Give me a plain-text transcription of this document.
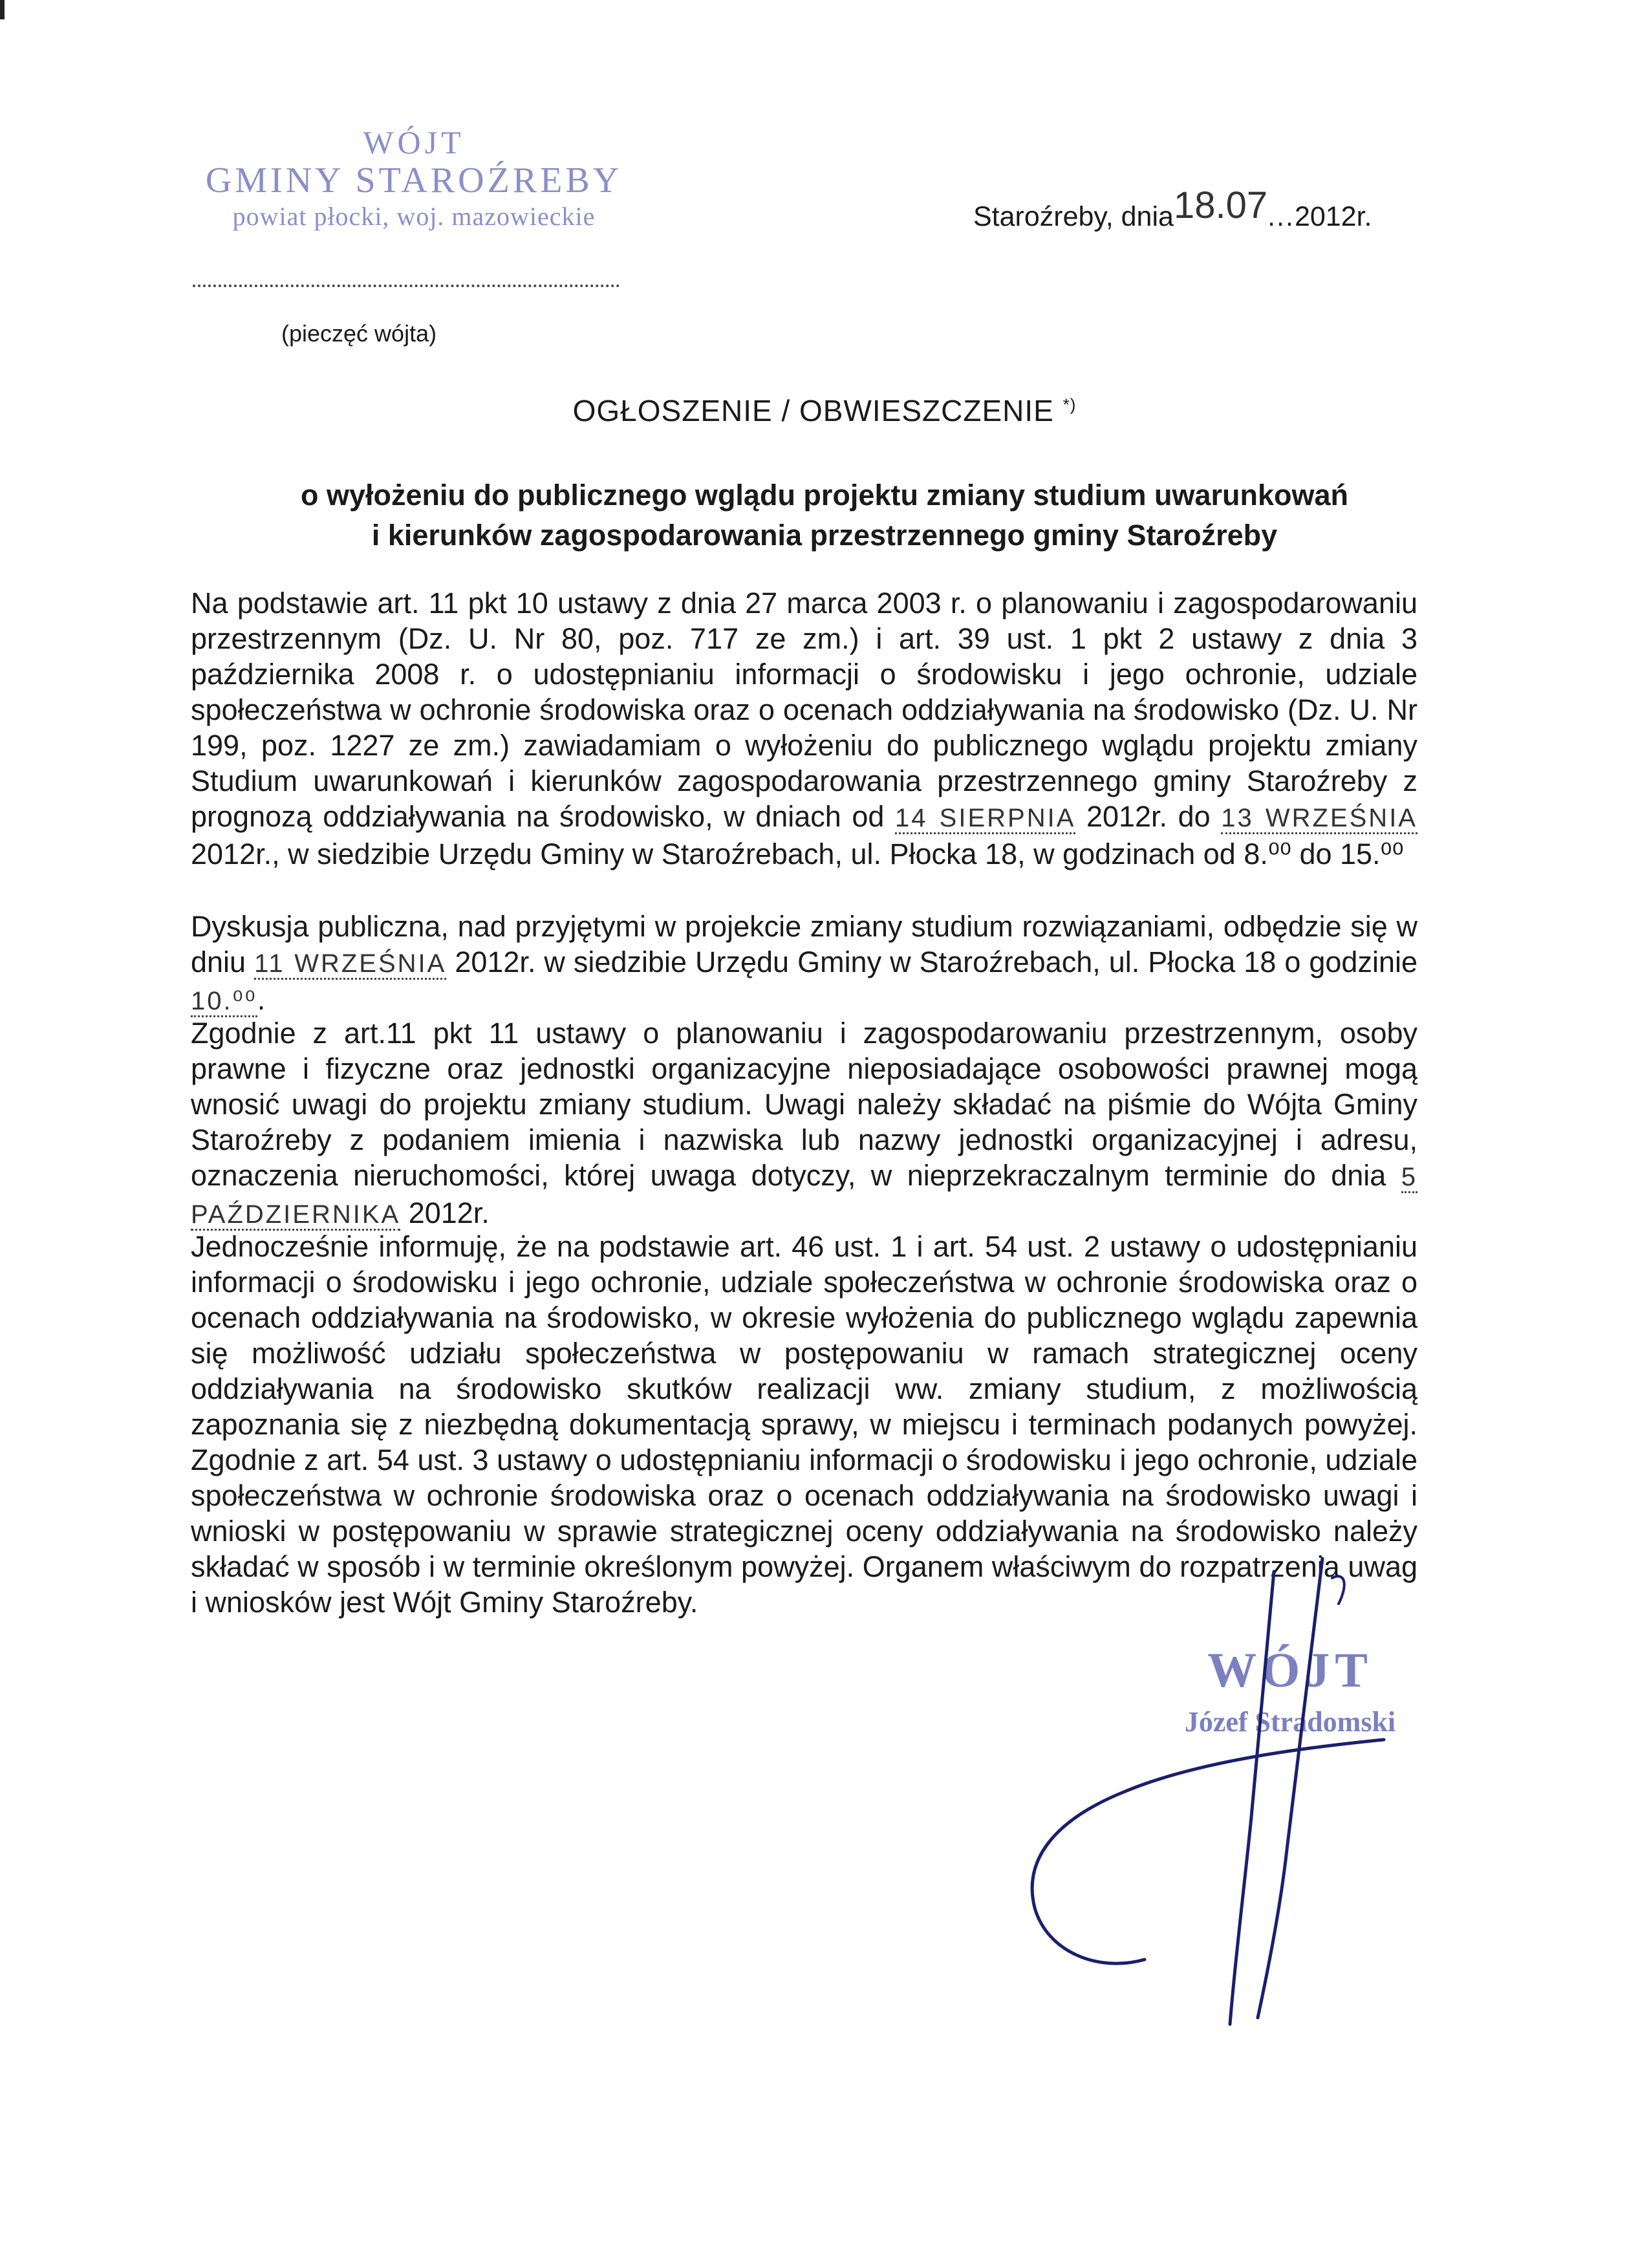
WÓJT
GMINY STAROŹREBY
powiat płocki, woj. mazowieckie
(pieczęć wójta)
Staroźreby, dnia18.07...2012r.
OGŁOSZENIE / OBWIESZCZENIE *)
o wyłożeniu do publicznego wglądu projektu zmiany studium uwarunkowań
i kierunków zagospodarowania przestrzennego gminy Staroźreby
Na podstawie art. 11 pkt 10 ustawy z dnia 27 marca 2003 r. o planowaniu i zagospodarowaniu przestrzennym (Dz. U. Nr 80, poz. 717 ze zm.) i art. 39 ust. 1 pkt 2 ustawy z dnia 3 października 2008 r. o udostępnianiu informacji o środowisku i jego ochronie, udziale społeczeństwa w ochronie środowiska oraz o ocenach oddziaływania na środowisko (Dz. U. Nr 199, poz. 1227 ze zm.) zawiadamiam o wyłożeniu do publicznego wglądu projektu zmiany Studium uwarunkowań i kierunków zagospodarowania przestrzennego gminy Staroźreby z prognozą oddziaływania na środowisko, w dniach od 14 SIERPNIA 2012r. do 13 WRZEŚNIA 2012r., w siedzibie Urzędu Gminy w Staroźrebach, ul. Płocka 18, w godzinach od 8.⁰⁰ do 15.⁰⁰
Dyskusja publiczna, nad przyjętymi w projekcie zmiany studium rozwiązaniami, odbędzie się w dniu 11 WRZEŚNIA 2012r. w siedzibie Urzędu Gminy w Staroźrebach, ul. Płocka 18 o godzinie 10.⁰⁰.
Zgodnie z art.11 pkt 11 ustawy o planowaniu i zagospodarowaniu przestrzennym, osoby prawne i fizyczne oraz jednostki organizacyjne nieposiadające osobowości prawnej mogą wnosić uwagi do projektu zmiany studium. Uwagi należy składać na piśmie do Wójta Gminy Staroźreby z podaniem imienia i nazwiska lub nazwy jednostki organizacyjnej i adresu, oznaczenia nieruchomości, której uwaga dotyczy, w nieprzekraczalnym terminie do dnia 5 PAŹDZIERNIKA 2012r.
Jednocześnie informuję, że na podstawie art. 46 ust. 1 i art. 54 ust. 2 ustawy o udostępnianiu informacji o środowisku i jego ochronie, udziale społeczeństwa w ochronie środowiska oraz o ocenach oddziaływania na środowisko, w okresie wyłożenia do publicznego wglądu zapewnia się możliwość udziału społeczeństwa w postępowaniu w ramach strategicznej oceny oddziaływania na środowisko skutków realizacji ww. zmiany studium, z możliwością zapoznania się z niezbędną dokumentacją sprawy, w miejscu i terminach podanych powyżej. Zgodnie z art. 54 ust. 3 ustawy o udostępnianiu informacji o środowisku i jego ochronie, udziale społeczeństwa w ochronie środowiska oraz o ocenach oddziaływania na środowisko uwagi i wnioski w postępowaniu w sprawie strategicznej oceny oddziaływania na środowisko należy składać w sposób i w terminie określonym powyżej. Organem właściwym do rozpatrzenia uwag i wniosków jest Wójt Gminy Staroźreby.
WÓJT
Józef Stradomski
